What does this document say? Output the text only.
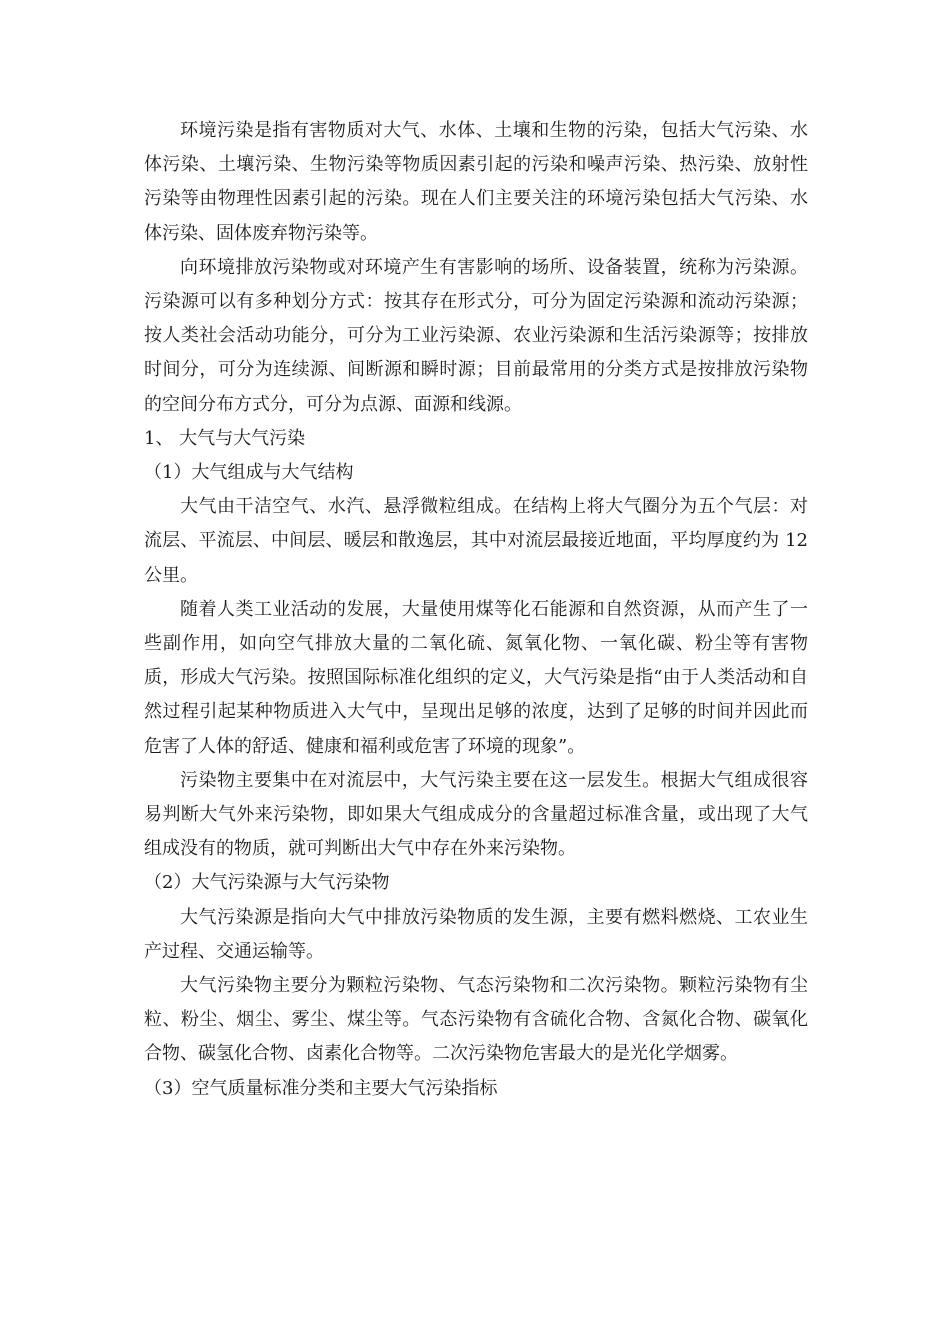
环境污染是指有害物质对大气、水体、土壤和生物的污染，包括大气污染、水体污染、土壤污染、生物污染等物质因素引起的污染和噪声污染、热污染、放射性污染等由物理性因素引起的污染。现在人们主要关注的环境污染包括大气污染、水体污染、固体废弃物污染等。

向环境排放污染物或对环境产生有害影响的场所、设备装置，统称为污染源。污染源可以有多种划分方式：按其存在形式分，可分为固定污染源和流动污染源；按人类社会活动功能分，可分为工业污染源、农业污染源和生活污染源等；按排放时间分，可分为连续源、间断源和瞬时源；目前最常用的分类方式是按排放污染物的空间分布方式分，可分为点源、面源和线源。

1、 大气与大气污染

（1）大气组成与大气结构

大气由干洁空气、水汽、悬浮微粒组成。在结构上将大气圈分为五个气层：对流层、平流层、中间层、暖层和散逸层，其中对流层最接近地面，平均厚度约为 12 公里。

随着人类工业活动的发展，大量使用煤等化石能源和自然资源，从而产生了一些副作用，如向空气排放大量的二氧化硫、氮氧化物、一氧化碳、粉尘等有害物质，形成大气污染。按照国际标准化组织的定义，大气污染是指“由于人类活动和自然过程引起某种物质进入大气中，呈现出足够的浓度，达到了足够的时间并因此而危害了人体的舒适、健康和福利或危害了环境的现象”。

污染物主要集中在对流层中，大气污染主要在这一层发生。根据大气组成很容易判断大气外来污染物，即如果大气组成成分的含量超过标准含量，或出现了大气组成没有的物质，就可判断出大气中存在外来污染物。

（2）大气污染源与大气污染物

大气污染源是指向大气中排放污染物质的发生源，主要有燃料燃烧、工农业生产过程、交通运输等。

大气污染物主要分为颗粒污染物、气态污染物和二次污染物。颗粒污染物有尘粒、粉尘、烟尘、雾尘、煤尘等。气态污染物有含硫化合物、含氮化合物、碳氧化合物、碳氢化合物、卤素化合物等。二次污染物危害最大的是光化学烟雾。

（3）空气质量标准分类和主要大气污染指标
